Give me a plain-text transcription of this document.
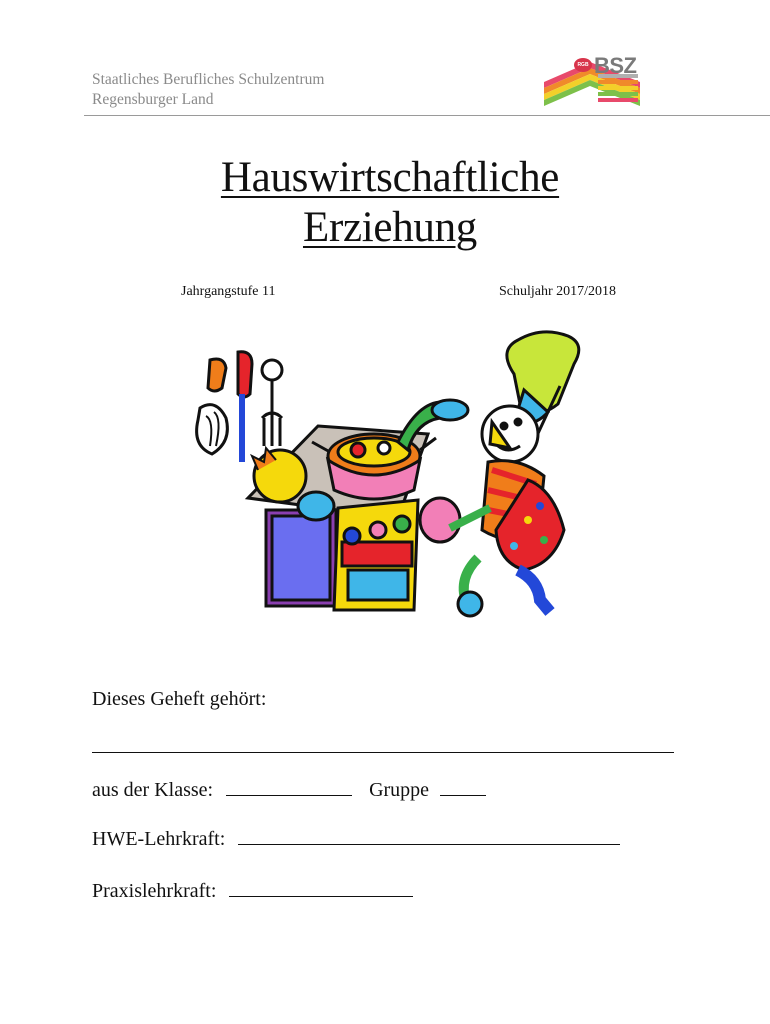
Staatliches Berufliches Schulzentrum
Regensburger Land
RGB BSZ
Hauswirtschaftliche
Erziehung
Jahrgangstufe 11	Schuljahr 2017/2018
Dieses Geheft gehört:
aus der Klasse:	Gruppe
HWE-Lehrkraft:
Praxislehrkraft:
